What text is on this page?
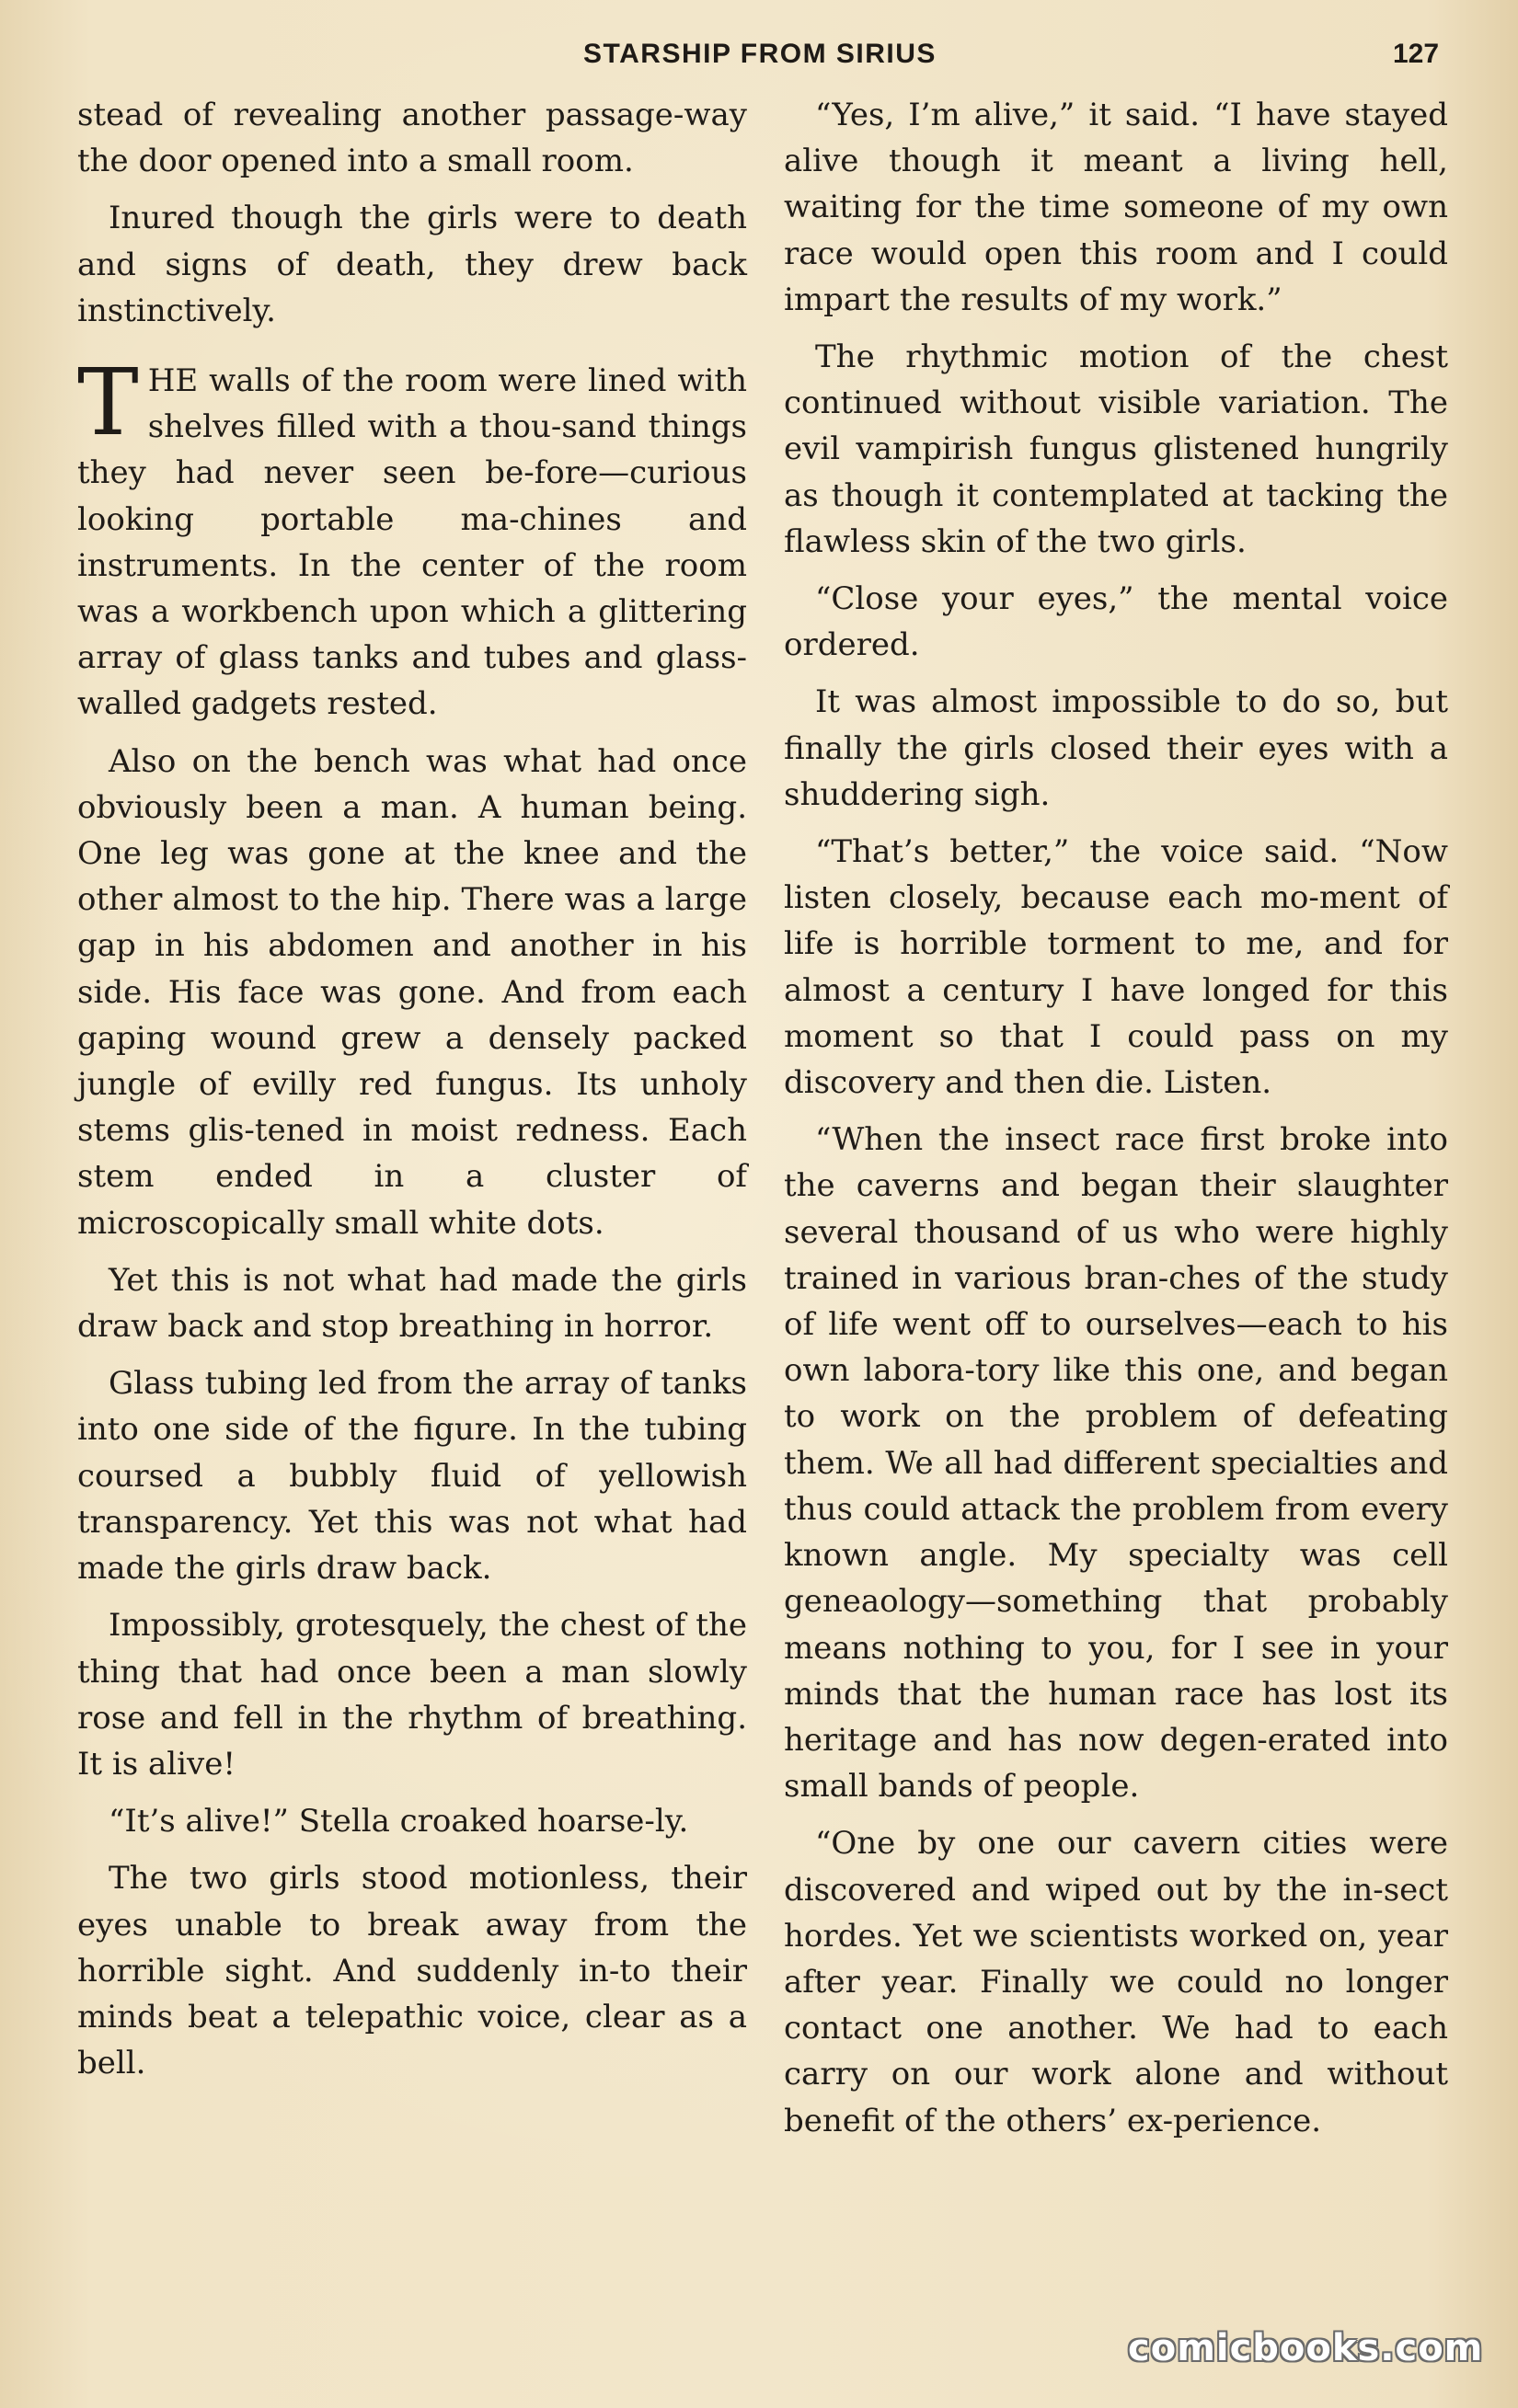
STARSHIP FROM SIRIUS	127

stead of revealing another passage-way the door opened into a small room.

Inured though the girls were to death and signs of death, they drew back instinctively.

THE walls of the room were lined with shelves filled with a thou-sand things they had never seen be-fore—curious looking portable ma-chines and instruments. In the center of the room was a workbench upon which a glittering array of glass tanks and tubes and glass-walled gadgets rested.

Also on the bench was what had once obviously been a man. A human being. One leg was gone at the knee and the other almost to the hip. There was a large gap in his abdomen and another in his side. His face was gone. And from each gaping wound grew a densely packed jungle of evilly red fungus. Its unholy stems glis-tened in moist redness. Each stem ended in a cluster of microscopically small white dots.

Yet this is not what had made the girls draw back and stop breathing in horror.

Glass tubing led from the array of tanks into one side of the figure. In the tubing coursed a bubbly fluid of yellowish transparency. Yet this was not what had made the girls draw back.

Impossibly, grotesquely, the chest of the thing that had once been a man slowly rose and fell in the rhythm of breathing. It is alive!

“It’s alive!” Stella croaked hoarse-ly.

The two girls stood motionless, their eyes unable to break away from the horrible sight. And suddenly in-to their minds beat a telepathic voice, clear as a bell.

“Yes, I’m alive,” it said. “I have stayed alive though it meant a living hell, waiting for the time someone of my own race would open this room and I could impart the results of my work.”

The rhythmic motion of the chest continued without visible variation. The evil vampirish fungus glistened hungrily as though it contemplated at tacking the flawless skin of the two girls.

“Close your eyes,” the mental voice ordered.

It was almost impossible to do so, but finally the girls closed their eyes with a shuddering sigh.

“That’s better,” the voice said. “Now listen closely, because each mo-ment of life is horrible torment to me, and for almost a century I have longed for this moment so that I could pass on my discovery and then die. Listen.

“When the insect race first broke into the caverns and began their slaughter several thousand of us who were highly trained in various bran-ches of the study of life went off to ourselves—each to his own labora-tory like this one, and began to work on the problem of defeating them. We all had different specialties and thus could attack the problem from every known angle. My specialty was cell geneaology—something that probably means nothing to you, for I see in your minds that the human race has lost its heritage and has now degen-erated into small bands of people.

“One by one our cavern cities were discovered and wiped out by the in-sect hordes. Yet we scientists worked on, year after year. Finally we could no longer contact one another. We had to each carry on our work alone and without benefit of the others’ ex-perience.

comicbooks.com
